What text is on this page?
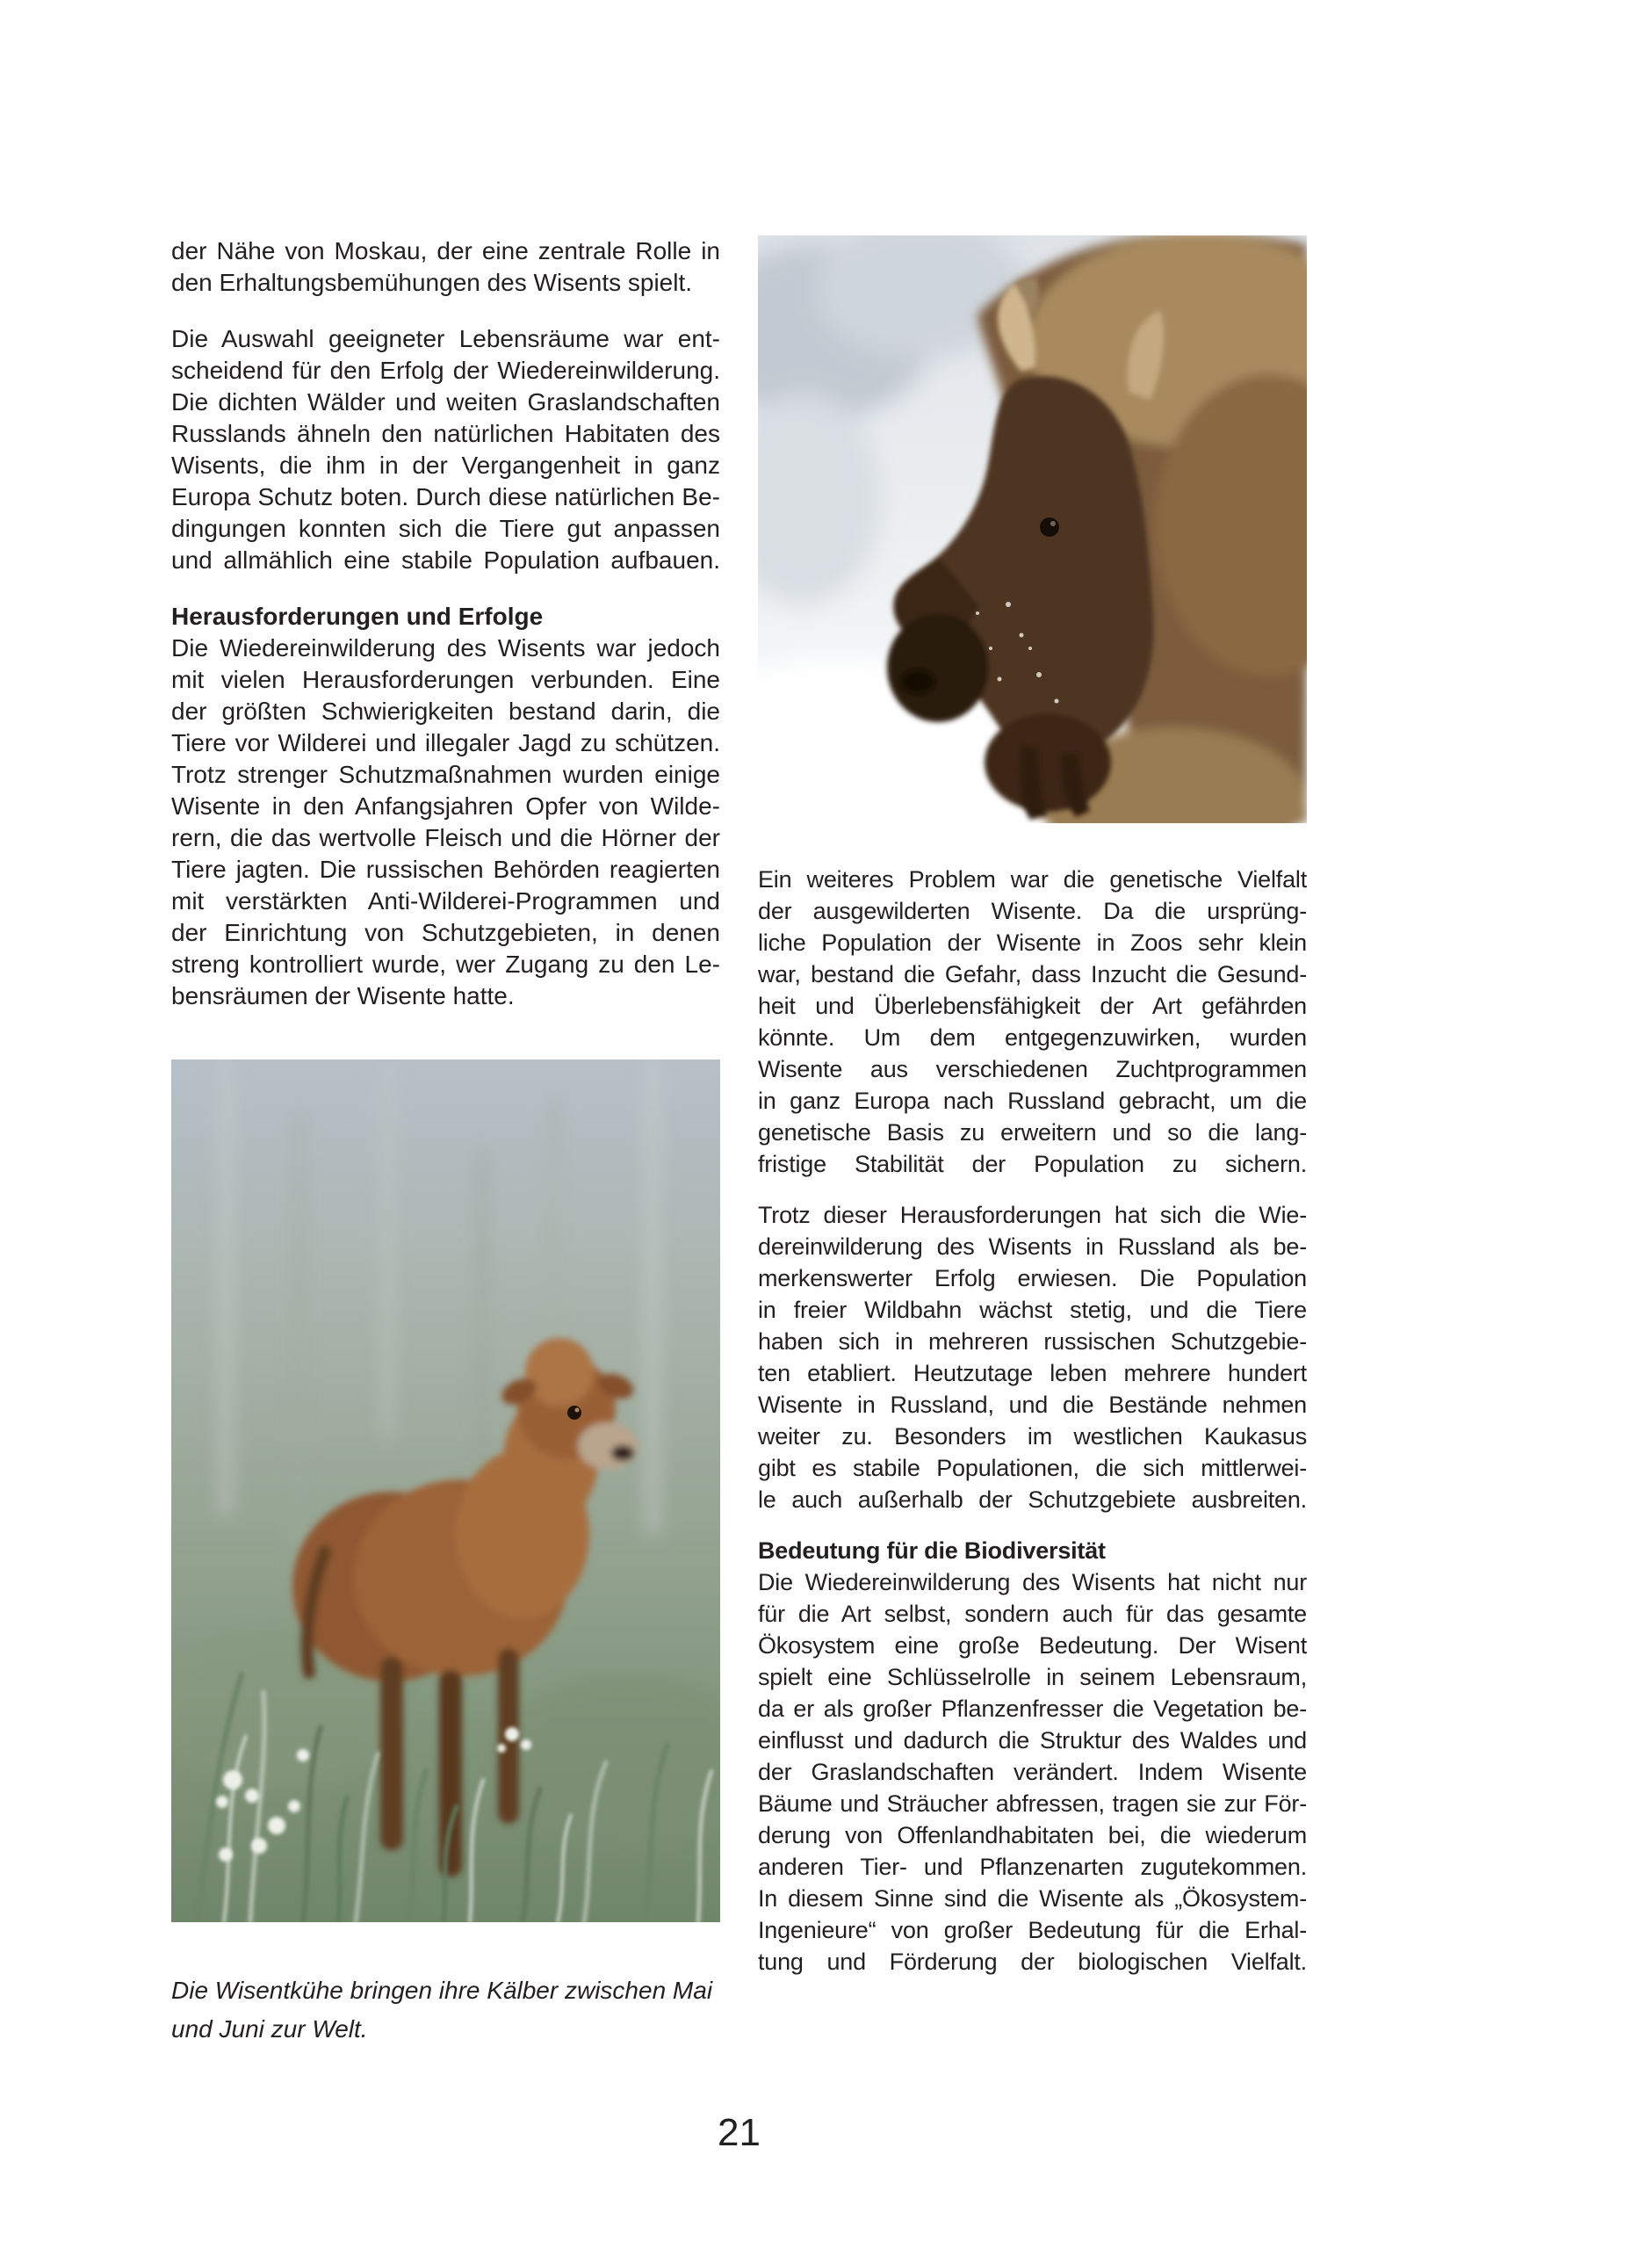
der Nähe von Moskau, der eine zentrale Rolle in
den Erhaltungsbemühungen des Wisents spielt.
Die Auswahl geeigneter Lebensräume war ent-
scheidend für den Erfolg der Wiedereinwilderung.
Die dichten Wälder und weiten Graslandschaften
Russlands ähneln den natürlichen Habitaten des
Wisents, die ihm in der Vergangenheit in ganz
Europa Schutz boten. Durch diese natürlichen Be-
dingungen konnten sich die Tiere gut anpassen
und allmählich eine stabile Population aufbauen.
Herausforderungen und Erfolge
Die Wiedereinwilderung des Wisents war jedoch
mit vielen Herausforderungen verbunden. Eine
der größten Schwierigkeiten bestand darin, die
Tiere vor Wilderei und illegaler Jagd zu schützen.
Trotz strenger Schutzmaßnahmen wurden einige
Wisente in den Anfangsjahren Opfer von Wilde-
rern, die das wertvolle Fleisch und die Hörner der
Tiere jagten. Die russischen Behörden reagierten
mit verstärkten Anti-Wilderei-Programmen und
der Einrichtung von Schutzgebieten, in denen
streng kontrolliert wurde, wer Zugang zu den Le-
bensräumen der Wisente hatte.
Die Wisentkühe bringen ihre Kälber zwischen Mai
und Juni zur Welt.
Ein weiteres Problem war die genetische Vielfalt
der ausgewilderten Wisente. Da die ursprüng-
liche Population der Wisente in Zoos sehr klein
war, bestand die Gefahr, dass Inzucht die Gesund-
heit und Überlebensfähigkeit der Art gefährden
könnte. Um dem entgegenzuwirken, wurden
Wisente aus verschiedenen Zuchtprogrammen
in ganz Europa nach Russland gebracht, um die
genetische Basis zu erweitern und so die lang-
fristige Stabilität der Population zu sichern.
Trotz dieser Herausforderungen hat sich die Wie-
dereinwilderung des Wisents in Russland als be-
merkenswerter Erfolg erwiesen. Die Population
in freier Wildbahn wächst stetig, und die Tiere
haben sich in mehreren russischen Schutzgebie-
ten etabliert. Heutzutage leben mehrere hundert
Wisente in Russland, und die Bestände nehmen
weiter zu. Besonders im westlichen Kaukasus
gibt es stabile Populationen, die sich mittlerwei-
le auch außerhalb der Schutzgebiete ausbreiten.
Bedeutung für die Biodiversität
Die Wiedereinwilderung des Wisents hat nicht nur
für die Art selbst, sondern auch für das gesamte
Ökosystem eine große Bedeutung. Der Wisent
spielt eine Schlüsselrolle in seinem Lebensraum,
da er als großer Pflanzenfresser die Vegetation be-
einflusst und dadurch die Struktur des Waldes und
der Graslandschaften verändert. Indem Wisente
Bäume und Sträucher abfressen, tragen sie zur För-
derung von Offenlandhabitaten bei, die wiederum
anderen Tier- und Pflanzenarten zugutekommen.
In diesem Sinne sind die Wisente als „Ökosystem-
Ingenieure“ von großer Bedeutung für die Erhal-
tung und Förderung der biologischen Vielfalt.
21
